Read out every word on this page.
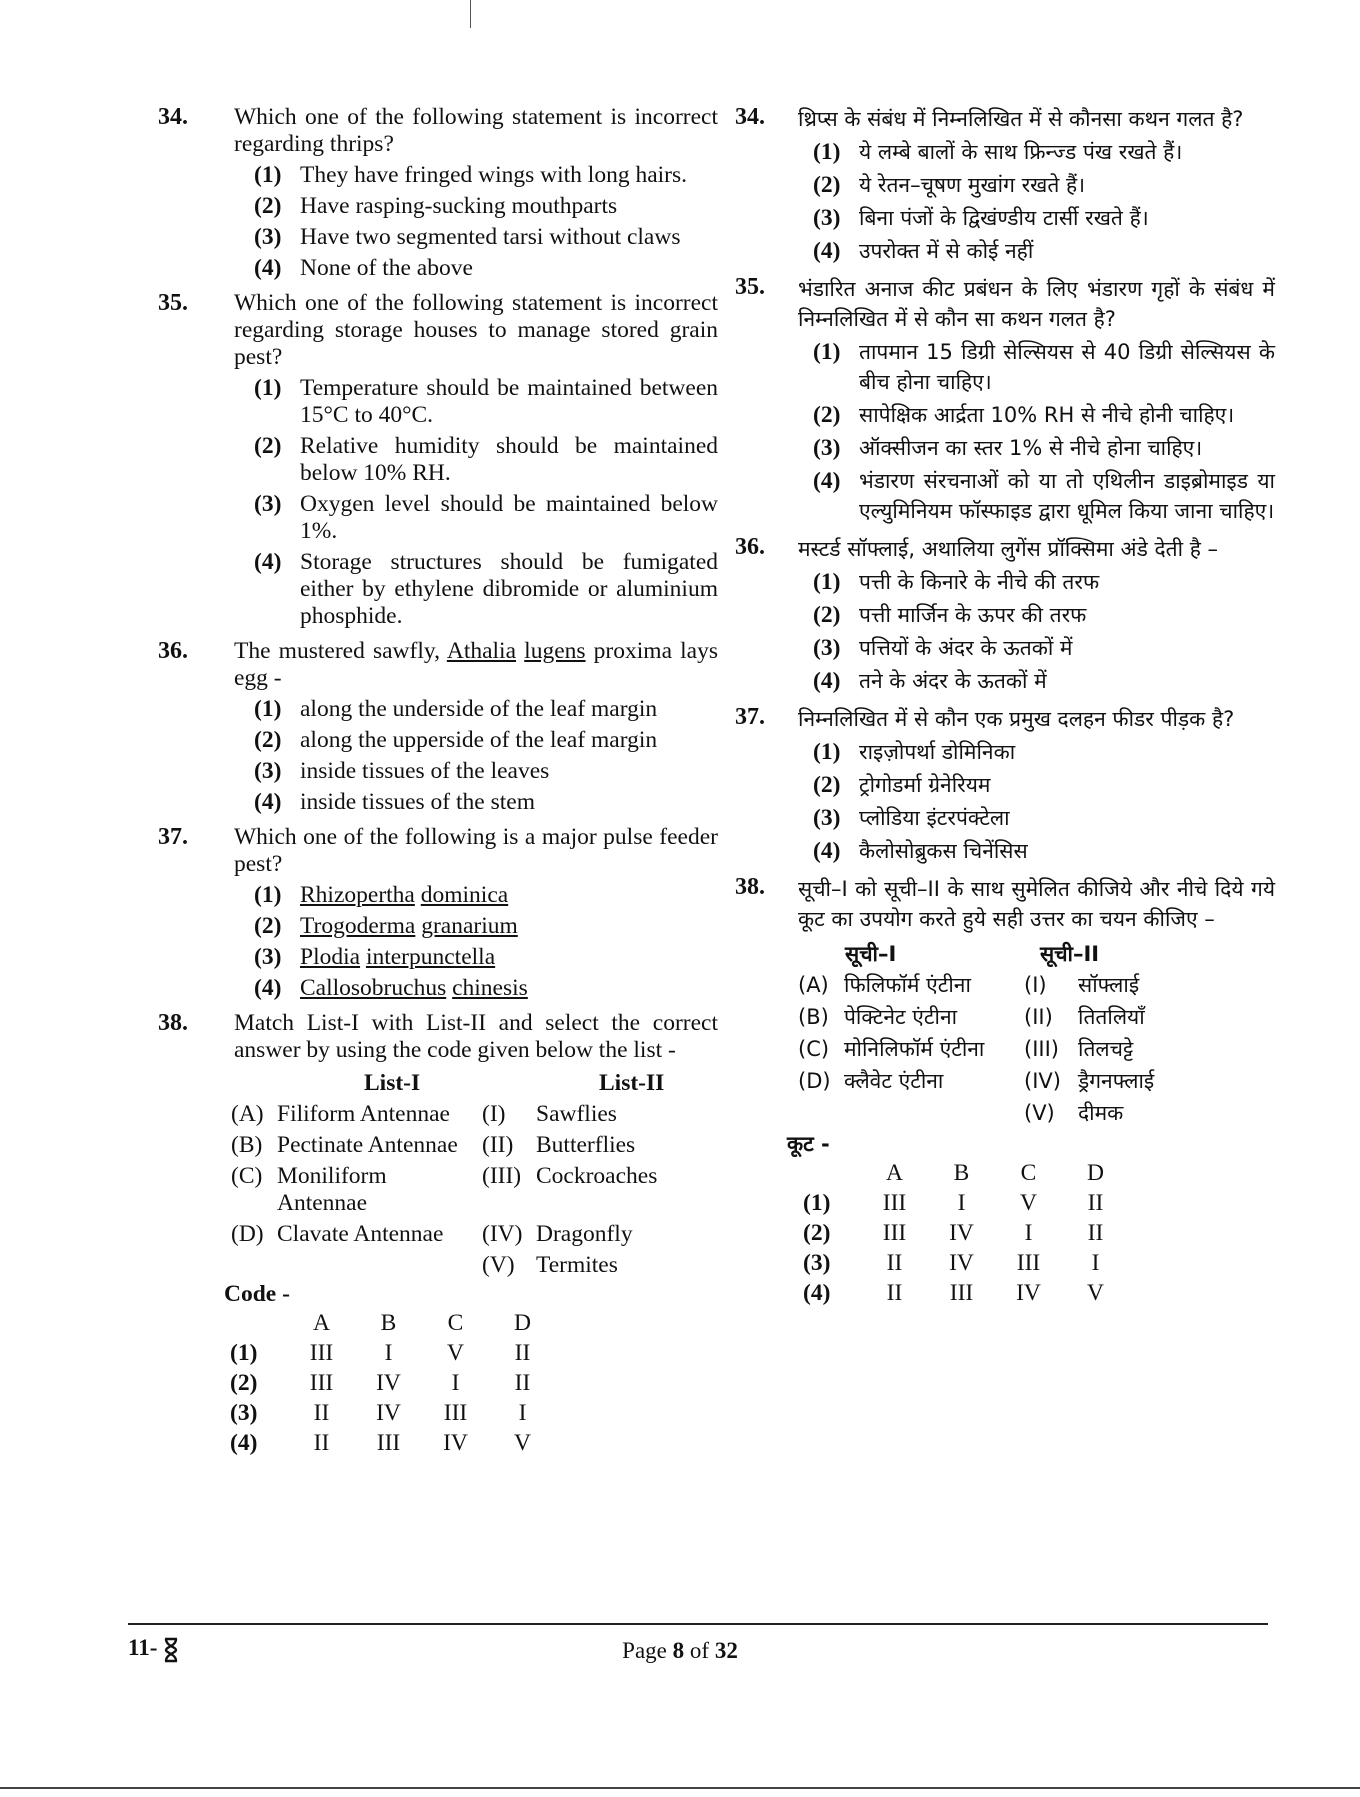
34. Which one of the following statement is incorrect regarding thrips?
(1) They have fringed wings with long hairs.
(2) Have rasping-sucking mouthparts
(3) Have two segmented tarsi without claws
(4) None of the above
35. Which one of the following statement is incorrect regarding storage houses to manage stored grain pest?
(1) Temperature should be maintained between 15°C to 40°C.
(2) Relative humidity should be maintained below 10% RH.
(3) Oxygen level should be maintained below 1%.
(4) Storage structures should be fumigated either by ethylene dibromide or aluminium phosphide.
36. The mustered sawfly, Athalia lugens proxima lays egg -
(1) along the underside of the leaf margin
(2) along the upperside of the leaf margin
(3) inside tissues of the leaves
(4) inside tissues of the stem
37. Which one of the following is a major pulse feeder pest?
(1) Rhizopertha dominica
(2) Trogoderma granarium
(3) Plodia interpunctella
(4) Callosobruchus chinesis
38. Match List-I with List-II and select the correct answer by using the code given below the list -
List-I	List-II
(A) Filiform Antennae	(I)	Sawflies
(B) Pectinate Antennae	(II) Butterflies
(C) Moniliform Antennae
(III) Cockroaches
(D) Clavate Antennae	(IV) Dragonfly
(V) Termites
Code -
	A	B	C	D
(1)	III	I	V	II
(2)	III	IV	I	II
(3)	II	IV	III	I
(4)	II	III	IV	V
34. थ्रिप्स के संबंध में निम्नलिखित में से कौनसा कथन गलत है?
(1) ये लम्बे बालों के साथ फ्रिन्ज्ड पंख रखते हैं।
(2) ये रेतन–चूषण मुखांग रखते हैं।
(3) बिना पंजों के द्विखंण्डीय टार्सी रखते हैं।
(4) उपरोक्त में से कोई नहीं
35. भंडारित अनाज कीट प्रबंधन के लिए भंडारण गृहों के संबंध में निम्नलिखित में से कौन सा कथन गलत है?
(1) तापमान 15 डिग्री सेल्सियस से 40 डिग्री सेल्सियस के बीच होना चाहिए।
(2) सापेक्षिक आर्द्रता 10% RH से नीचे होनी चाहिए।
(3) ऑक्सीजन का स्तर 1% से नीचे होना चाहिए।
(4) भंडारण संरचनाओं को या तो एथिलीन डाइब्रोमाइड या एल्युमिनियम फॉस्फाइड द्वारा धूमिल किया जाना चाहिए।
36. मस्टर्ड सॉफ्लाई, अथालिया लुगेंस प्रॉक्सिमा अंडे देती है –
(1) पत्ती के किनारे के नीचे की तरफ
(2) पत्ती मार्जिन के ऊपर की तरफ
(3) पत्तियों के अंदर के ऊतकों में
(4) तने के अंदर के ऊतकों में
37. निम्नलिखित में से कौन एक प्रमुख दलहन फीडर पीड़क है?
(1) राइज़ोपर्था डोमिनिका
(2) ट्रोगोडर्मा ग्रेनेरियम
(3) प्लोडिया इंटरपंक्टेला
(4) कैलोसोब्रुकस चिनेंसिस
38. सूची–I को सूची–II के साथ सुमेलित कीजिये और नीचे दिये गये कूट का उपयोग करते हुये सही उत्तर का चयन कीजिए –
सूची–I	सूची–II
(A) फिलिफॉर्म एंटीना	(I)	सॉफ्लाई
(B) पेक्टिनेट एंटीना	(II)	तितलियाँ
(C) मोनिलिफॉर्म एंटीना	(III) तिलचट्टे
(D) क्लैवेट एंटीना	(IV) ड्रैगनफ्लाई
(V)	दीमक
कूट -
	A	B	C	D
(1)	III	I	V	II
(2)	III	IV	I	II
(3)	II	IV	III	I
(4)	II	III	IV	V
11-	Page 8 of 32
